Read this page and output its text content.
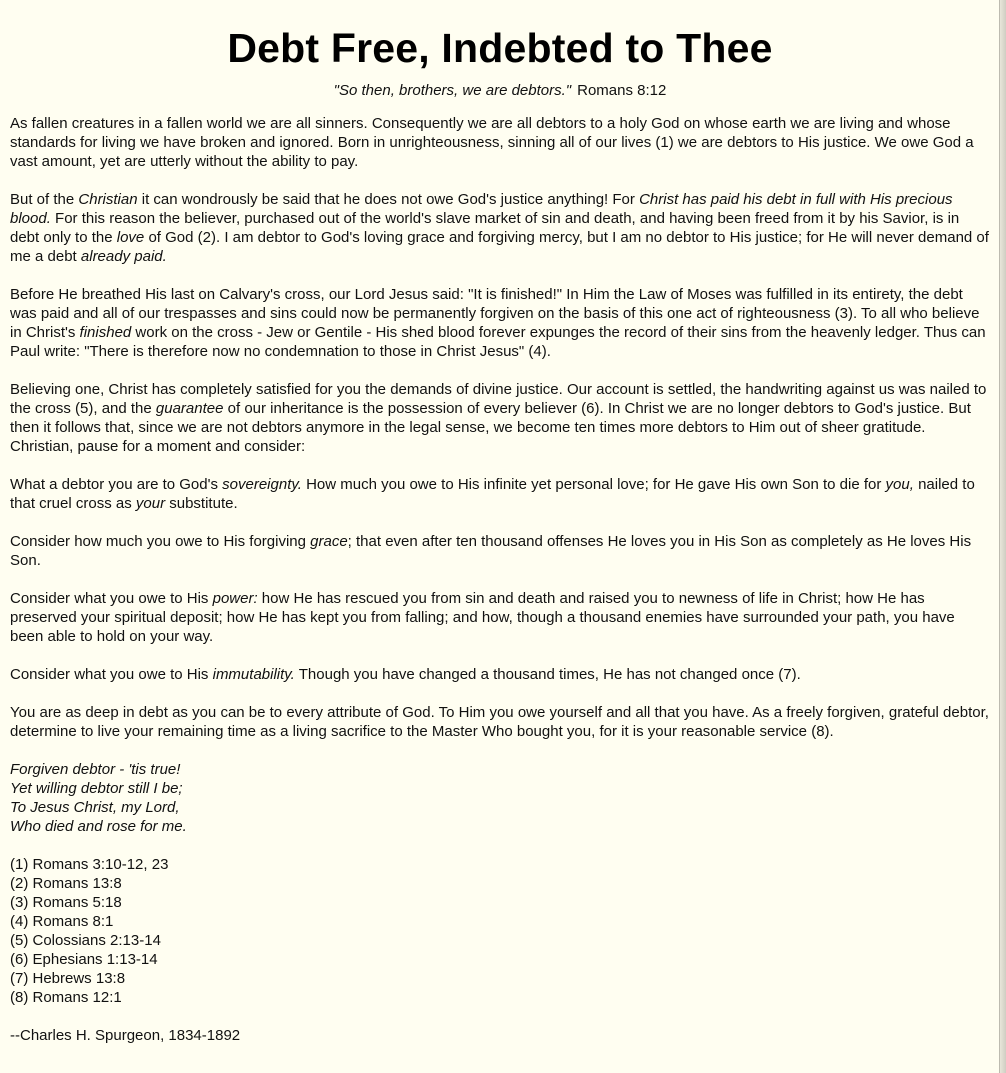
Debt Free, Indebted to Thee
"So then, brothers, we are debtors." Romans 8:12

As fallen creatures in a fallen world we are all sinners. Consequently we are all debtors to a holy God on whose earth we are living and whose standards for living we have broken and ignored. Born in unrighteousness, sinning all of our lives (1) we are debtors to His justice. We owe God a vast amount, yet are utterly without the ability to pay.

But of the Christian it can wondrously be said that he does not owe God's justice anything! For Christ has paid his debt in full with His precious blood. For this reason the believer, purchased out of the world's slave market of sin and death, and having been freed from it by his Savior, is in debt only to the love of God (2). I am debtor to God's loving grace and forgiving mercy, but I am no debtor to His justice; for He will never demand of me a debt already paid.

Before He breathed His last on Calvary's cross, our Lord Jesus said: "It is finished!" In Him the Law of Moses was fulfilled in its entirety, the debt was paid and all of our trespasses and sins could now be permanently forgiven on the basis of this one act of righteousness (3). To all who believe in Christ's finished work on the cross - Jew or Gentile - His shed blood forever expunges the record of their sins from the heavenly ledger. Thus can Paul write: "There is therefore now no condemnation to those in Christ Jesus" (4).

Believing one, Christ has completely satisfied for you the demands of divine justice. Our account is settled, the handwriting against us was nailed to the cross (5), and the guarantee of our inheritance is the possession of every believer (6). In Christ we are no longer debtors to God's justice. But then it follows that, since we are not debtors anymore in the legal sense, we become ten times more debtors to Him out of sheer gratitude. Christian, pause for a moment and consider:

What a debtor you are to God's sovereignty. How much you owe to His infinite yet personal love; for He gave His own Son to die for you, nailed to that cruel cross as your substitute.

Consider how much you owe to His forgiving grace; that even after ten thousand offenses He loves you in His Son as completely as He loves His Son.

Consider what you owe to His power: how He has rescued you from sin and death and raised you to newness of life in Christ; how He has preserved your spiritual deposit; how He has kept you from falling; and how, though a thousand enemies have surrounded your path, you have been able to hold on your way.

Consider what you owe to His immutability. Though you have changed a thousand times, He has not changed once (7).

You are as deep in debt as you can be to every attribute of God. To Him you owe yourself and all that you have. As a freely forgiven, grateful debtor, determine to live your remaining time as a living sacrifice to the Master Who bought you, for it is your reasonable service (8).

Forgiven debtor - 'tis true!
Yet willing debtor still I be;
To Jesus Christ, my Lord,
Who died and rose for me.
(1) Romans 3:10-12, 23
(2) Romans 13:8
(3) Romans 5:18
(4) Romans 8:1
(5) Colossians 2:13-14
(6) Ephesians 1:13-14
(7) Hebrews 13:8
(8) Romans 12:1

--Charles H. Spurgeon, 1834-1892
